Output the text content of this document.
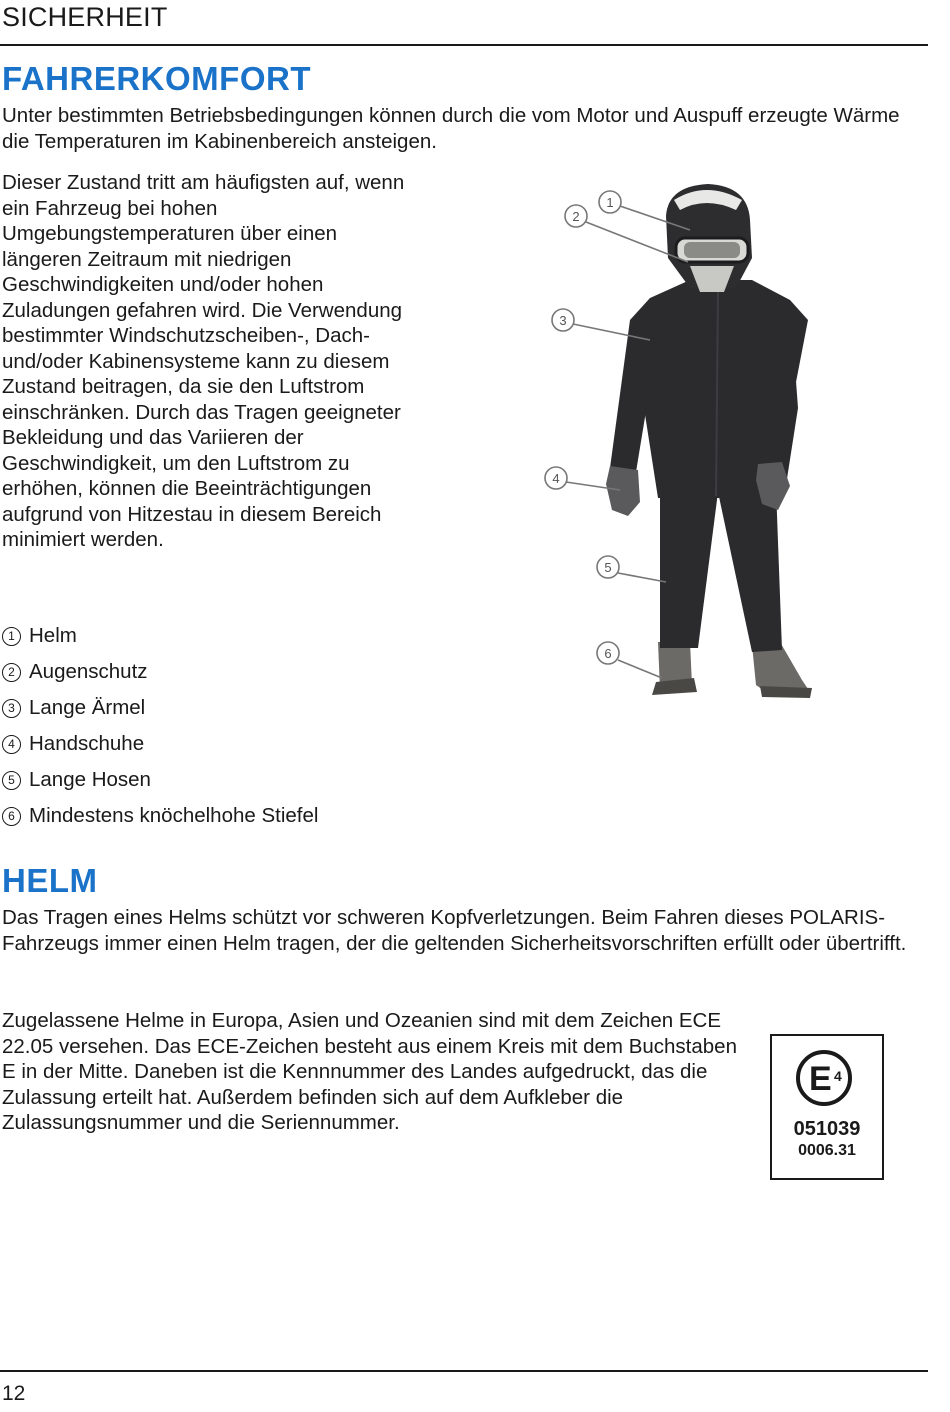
SICHERHEIT
FAHRERKOMFORT

Unter bestimmten Betriebsbedingungen können durch die vom Motor und Auspuff erzeugte Wärme die Temperaturen im Kabinenbereich ansteigen.

Dieser Zustand tritt am häufigsten auf, wenn ein Fahrzeug bei hohen Umgebungstemperaturen über einen längeren Zeitraum mit niedrigen Geschwindigkeiten und/oder hohen Zuladungen gefahren wird. Die Verwendung bestimmter Windschutzscheiben-, Dach- und/oder Kabinensysteme kann zu diesem Zustand beitragen, da sie den Luftstrom einschränken. Durch das Tragen geeigneter Bekleidung und das Variieren der Geschwindigkeit, um den Luftstrom zu erhöhen, können die Beeinträchtigungen aufgrund von Hitzestau in diesem Bereich minimiert werden.

1 Helm
2 Augenschutz
3 Lange Ärmel
4 Handschuhe
5 Lange Hosen
6 Mindestens knöchelhohe Stiefel
1
2
3
4
5
6
HELM

Das Tragen eines Helms schützt vor schweren Kopfverletzungen. Beim Fahren dieses POLARIS-Fahrzeugs immer einen Helm tragen, der die geltenden Sicherheitsvorschriften erfüllt oder übertrifft.

Zugelassene Helme in Europa, Asien und Ozeanien sind mit dem Zeichen ECE 22.05 versehen. Das ECE-Zeichen besteht aus einem Kreis mit dem Buchstaben E in der Mitte. Daneben ist die Kennnummer des Landes aufgedruckt, das die Zulassung erteilt hat. Außerdem befinden sich auf dem Aufkleber die Zulassungsnummer und die Seriennummer.

E 4
051039
0006.31
12
